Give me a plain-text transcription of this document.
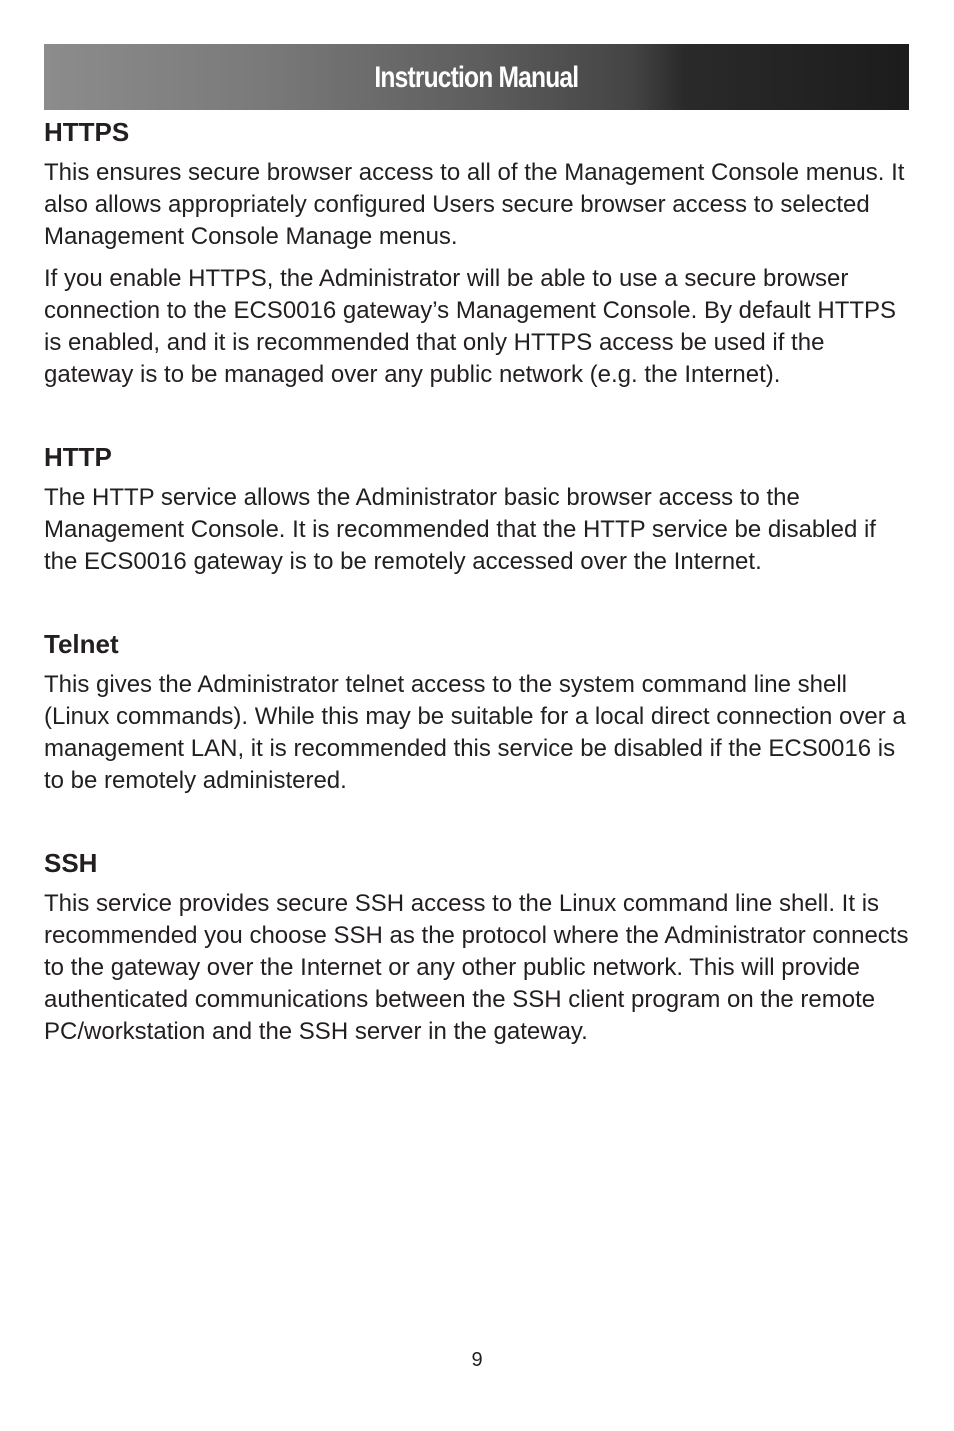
Instruction Manual
HTTPS

This ensures secure browser access to all of the Management Console menus. It also allows appropriately configured Users secure browser access to selected Management Console Manage menus.

If you enable HTTPS, the Administrator will be able to use a secure browser connection to the ECS0016 gateway’s Management Console. By default HTTPS is enabled, and it is recommended that only HTTPS access be used if the gateway is to be managed over any public network (e.g. the Internet).

HTTP

The HTTP service allows the Administrator basic browser access to the Management Console. It is recommended that the HTTP service be disabled if the ECS0016 gateway is to be remotely accessed over the Internet.

Telnet

This gives the Administrator telnet access to the system command line shell (Linux commands). While this may be suitable for a local direct connection over a management LAN, it is recommended this service be disabled if the ECS0016 is to be remotely administered.

SSH

This service provides secure SSH access to the Linux command line shell. It is recommended you choose SSH as the protocol where the Administrator connects to the gateway over the Internet or any other public network. This will provide authenticated communications between the SSH client program on the remote PC/workstation and the SSH server in the gateway.

9
